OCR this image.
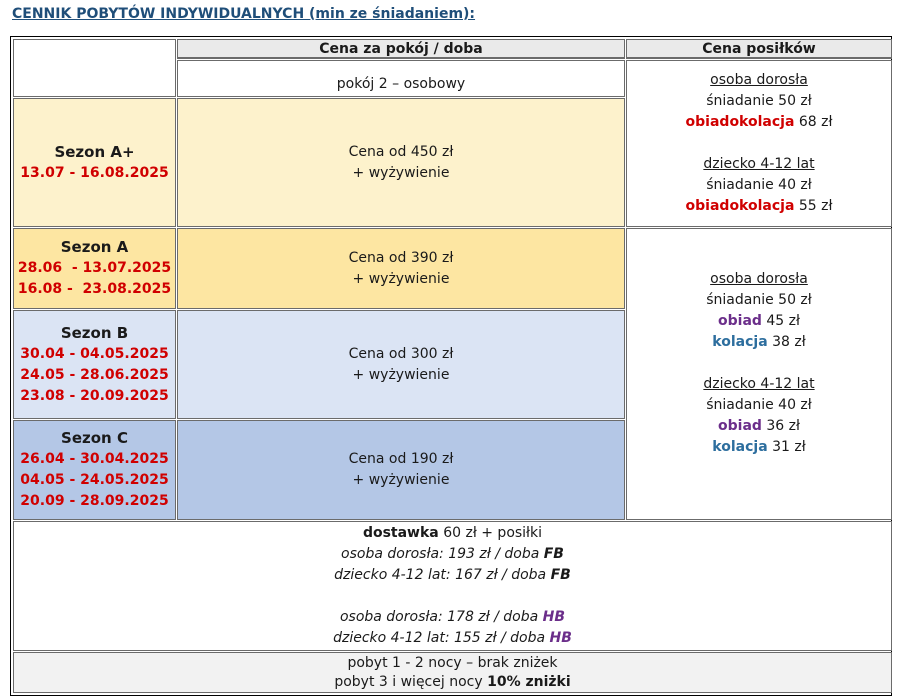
CENNIK POBYTÓW INDYWIDUALNYCH (min ze śniadaniem):
Cena za pokój / doba	Cena posiłków
pokój 2 – osobowy
Sezon A+
13.07 - 16.08.2025
Cena od 450 zł
+ wyżywienie
osoba dorosła
śniadanie 50 zł
obiadokolacja 68 zł
dziecko 4-12 lat
śniadanie 40 zł
obiadokolacja 55 zł
Sezon A
28.06  - 13.07.2025
16.08 -  23.08.2025
Cena od 390 zł
+ wyżywienie
Sezon B
30.04 - 04.05.2025
24.05 - 28.06.2025
23.08 - 20.09.2025
Cena od 300 zł
+ wyżywienie
Sezon C
26.04 - 30.04.2025
04.05 - 24.05.2025
20.09 - 28.09.2025
Cena od 190 zł
+ wyżywienie
osoba dorosła
śniadanie 50 zł
obiad 45 zł
kolacja 38 zł
dziecko 4-12 lat
śniadanie 40 zł
obiad 36 zł
kolacja 31 zł
dostawka 60 zł + posiłki
osoba dorosła: 193 zł / doba FB
dziecko 4-12 lat: 167 zł / doba FB
osoba dorosła: 178 zł / doba HB
dziecko 4-12 lat: 155 zł / doba HB
pobyt 1 - 2 nocy – brak zniżek
pobyt 3 i więcej nocy 10% zniżki
